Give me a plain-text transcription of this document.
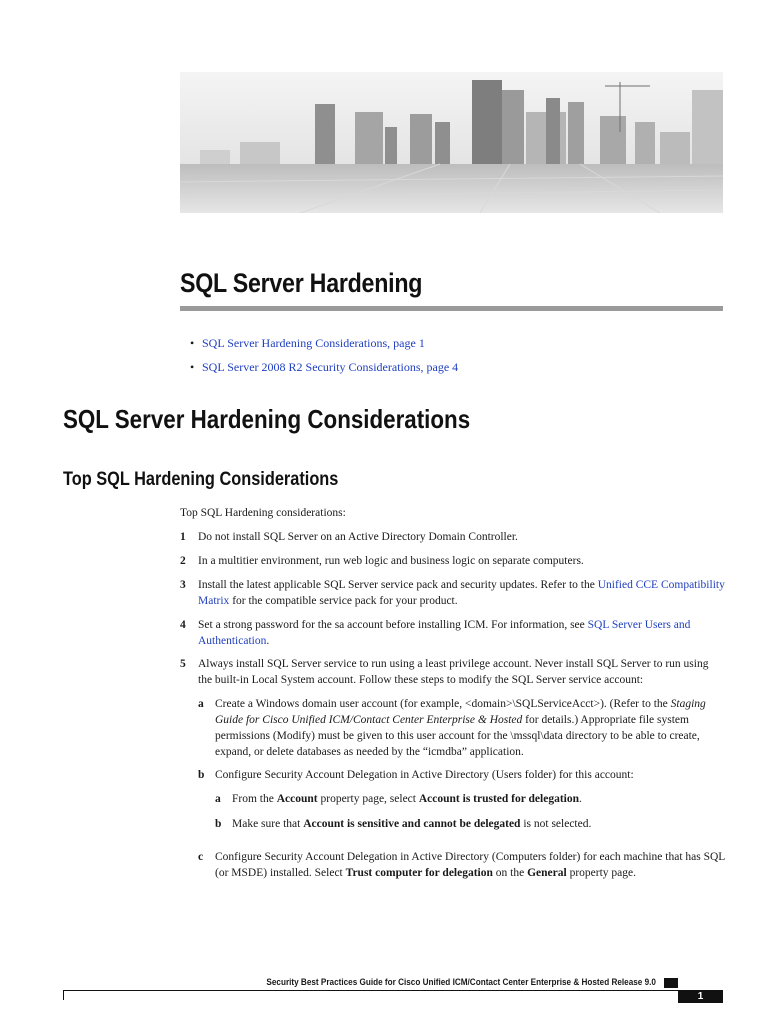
SQL Server Hardening
• SQL Server Hardening Considerations, page 1
• SQL Server 2008 R2 Security Considerations, page 4
SQL Server Hardening Considerations
Top SQL Hardening Considerations
Top SQL Hardening considerations:
1	Do not install SQL Server on an Active Directory Domain Controller.
2	In a multitier environment, run web logic and business logic on separate computers.
3	Install the latest applicable SQL Server service pack and security updates. Refer to the Unified CCE Compatibility Matrix for the compatible service pack for your product.
4	Set a strong password for the sa account before installing ICM. For information, see SQL Server Users and Authentication.
5	Always install SQL Server service to run using a least privilege account. Never install SQL Server to run using the built-in Local System account. Follow these steps to modify the SQL Server service account:
a Create a Windows domain user account (for example, <domain>\SQLServiceAcct>). (Refer to the Staging Guide for Cisco Unified ICM/Contact Center Enterprise & Hosted for details.) Appropriate file system permissions (Modify) must be given to this user account for the \mssql\data directory to be able to create, expand, or delete databases as needed by the “icmdba” application.
b Configure Security Account Delegation in Active Directory (Users folder) for this account:
a From the Account property page, select Account is trusted for delegation.
b Make sure that Account is sensitive and cannot be delegated is not selected.
c Configure Security Account Delegation in Active Directory (Computers folder) for each machine that has SQL (or MSDE) installed. Select Trust computer for delegation on the General property page.
Security Best Practices Guide for Cisco Unified ICM/Contact Center Enterprise & Hosted Release 9.0
1
